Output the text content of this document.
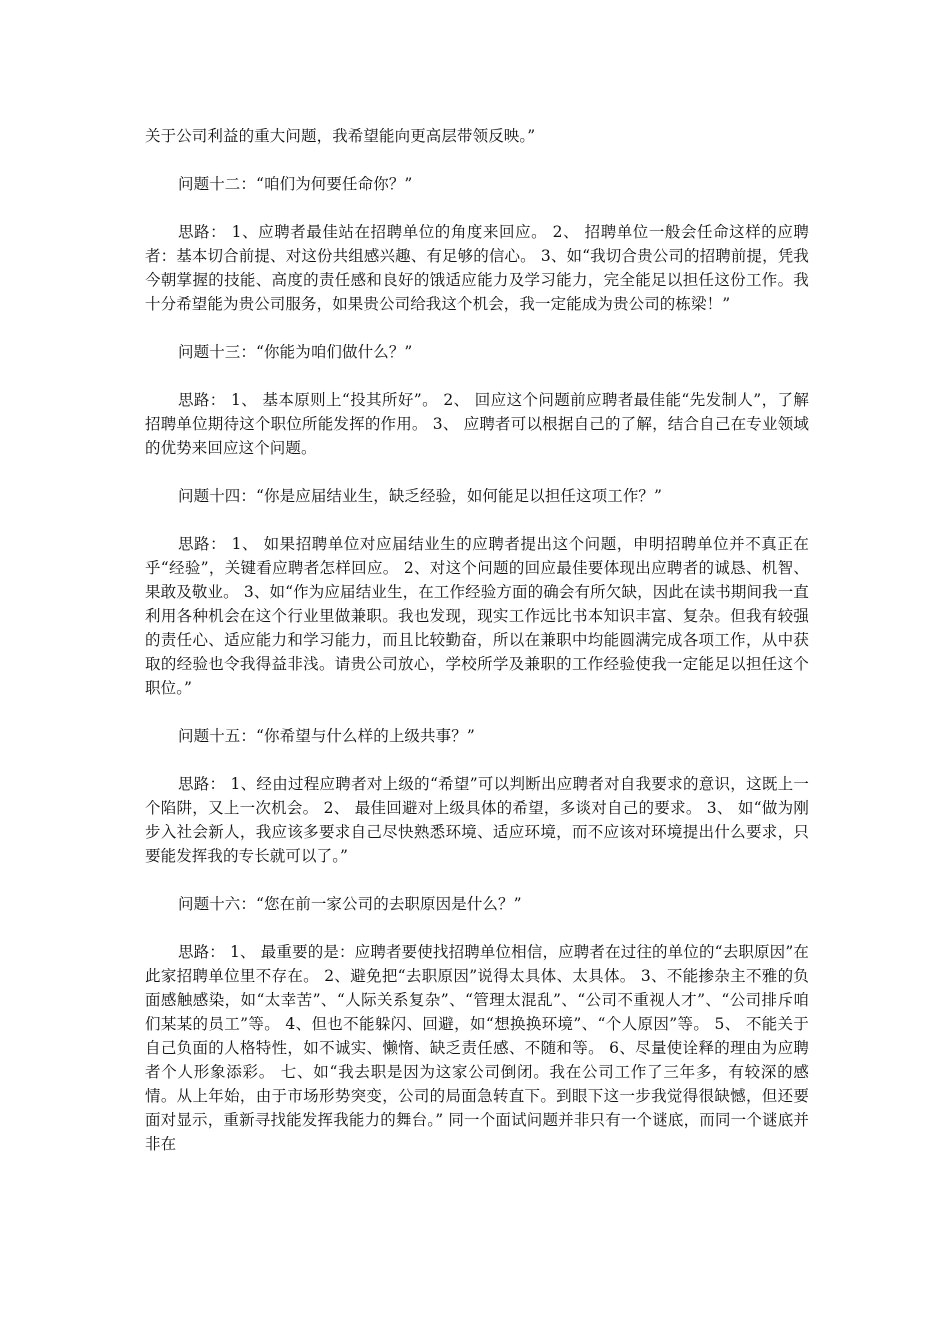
关于公司利益的重大问题，我希望能向更高层带领反映。”

问题十二：“咱们为何要任命你？”

思路： 1、应聘者最佳站在招聘单位的角度来回应。 2、 招聘单位一般会任命这样的应聘者：基本切合前提、对这份共组感兴趣、有足够的信心。 3、如“我切合贵公司的招聘前提，凭我今朝掌握的技能、高度的责任感和良好的饿适应能力及学习能力，完全能足以担任这份工作。我十分希望能为贵公司服务，如果贵公司给我这个机会，我一定能成为贵公司的栋梁！”

问题十三：“你能为咱们做什么？”

思路： 1、 基本原则上“投其所好”。 2、 回应这个问题前应聘者最佳能“先发制人”，了解招聘单位期待这个职位所能发挥的作用。 3、 应聘者可以根据自己的了解，结合自己在专业领域的优势来回应这个问题。

问题十四：“你是应届结业生，缺乏经验，如何能足以担任这项工作？”

思路： 1、 如果招聘单位对应届结业生的应聘者提出这个问题，申明招聘单位并不真正在乎“经验”，关键看应聘者怎样回应。 2、对这个问题的回应最佳要体现出应聘者的诚恳、机智、果敢及敬业。 3、如“作为应届结业生，在工作经验方面的确会有所欠缺，因此在读书期间我一直利用各种机会在这个行业里做兼职。我也发现，现实工作远比书本知识丰富、复杂。但我有较强的责任心、适应能力和学习能力，而且比较勤奋，所以在兼职中均能圆满完成各项工作，从中获取的经验也令我得益非浅。请贵公司放心，学校所学及兼职的工作经验使我一定能足以担任这个职位。”

问题十五：“你希望与什么样的上级共事？”

思路： 1、经由过程应聘者对上级的“希望”可以判断出应聘者对自我要求的意识，这既上一个陷阱，又上一次机会。 2、 最佳回避对上级具体的希望，多谈对自己的要求。 3、 如“做为刚步入社会新人，我应该多要求自己尽快熟悉环境、适应环境，而不应该对环境提出什么要求，只要能发挥我的专长就可以了。”

问题十六：“您在前一家公司的去职原因是什么？”

思路： 1、 最重要的是：应聘者要使找招聘单位相信，应聘者在过往的单位的“去职原因”在此家招聘单位里不存在。 2、避免把“去职原因”说得太具体、太具体。 3、不能掺杂主不雅的负面感触感染，如“太幸苦”、“人际关系复杂”、“管理太混乱”、“公司不重视人才”、“公司排斥咱们某某的员工”等。 4、但也不能躲闪、回避，如“想换换环境”、“个人原因”等。 5、 不能关于自己负面的人格特性，如不诚实、懒惰、缺乏责任感、不随和等。 6、尽量使诠释的理由为应聘者个人形象添彩。 七、如“我去职是因为这家公司倒闭。我在公司工作了三年多，有较深的感情。从上年始，由于市场形势突变，公司的局面急转直下。到眼下这一步我觉得很缺憾，但还要面对显示，重新寻找能发挥我能力的舞台。” 同一个面试问题并非只有一个谜底，而同一个谜底并非在
